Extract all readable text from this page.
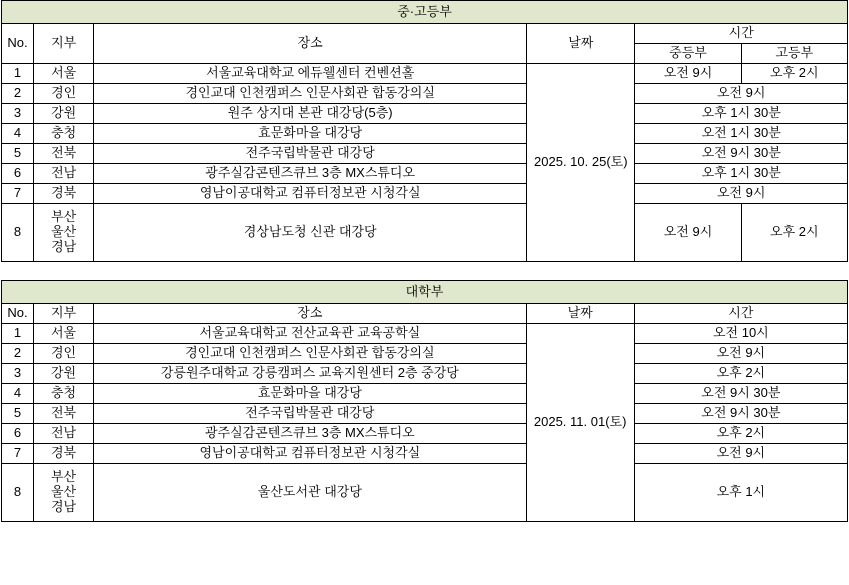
중·고등부					
No.	지부	장소	날짜	시간	
				중등부	고등부
1	서울	서울교육대학교 에듀웰센터 컨벤션홀	2025. 10. 25(토)	오전 9시	오후 2시
2	경인	경인교대 인천캠퍼스 인문사회관 합동강의실		오전 9시	
3	강원	원주 상지대 본관 대강당(5층)		오후 1시 30분	
4	충청	효문화마을 대강당		오전 1시 30분	
5	전북	전주국립박물관 대강당		오전 9시 30분	
6	전남	광주실감콘텐즈큐브 3층 MX스튜디오		오후 1시 30분	
7	경북	영남이공대학교 컴퓨터정보관 시청각실		오전 9시	
8	부산
울산
경남	경상남도청 신관 대강당		오전 9시	오후 2시
대학부				
No.	지부	장소	날짜	시간
1	서울	서울교육대학교 전산교육관 교육공학실	2025. 11. 01(토)	오전 10시
2	경인	경인교대 인천캠퍼스 인문사회관 합동강의실		오전 9시
3	강원	강릉원주대학교 강릉캠퍼스 교육지원센터 2층 중강당		오후 2시
4	충청	효문화마을 대강당		오전 9시 30분
5	전북	전주국립박물관 대강당		오전 9시 30분
6	전남	광주실감콘텐즈큐브 3층 MX스튜디오		오후 2시
7	경북	영남이공대학교 컴퓨터정보관 시청각실		오전 9시
8	부산
울산
경남	울산도서관 대강당		오후 1시
